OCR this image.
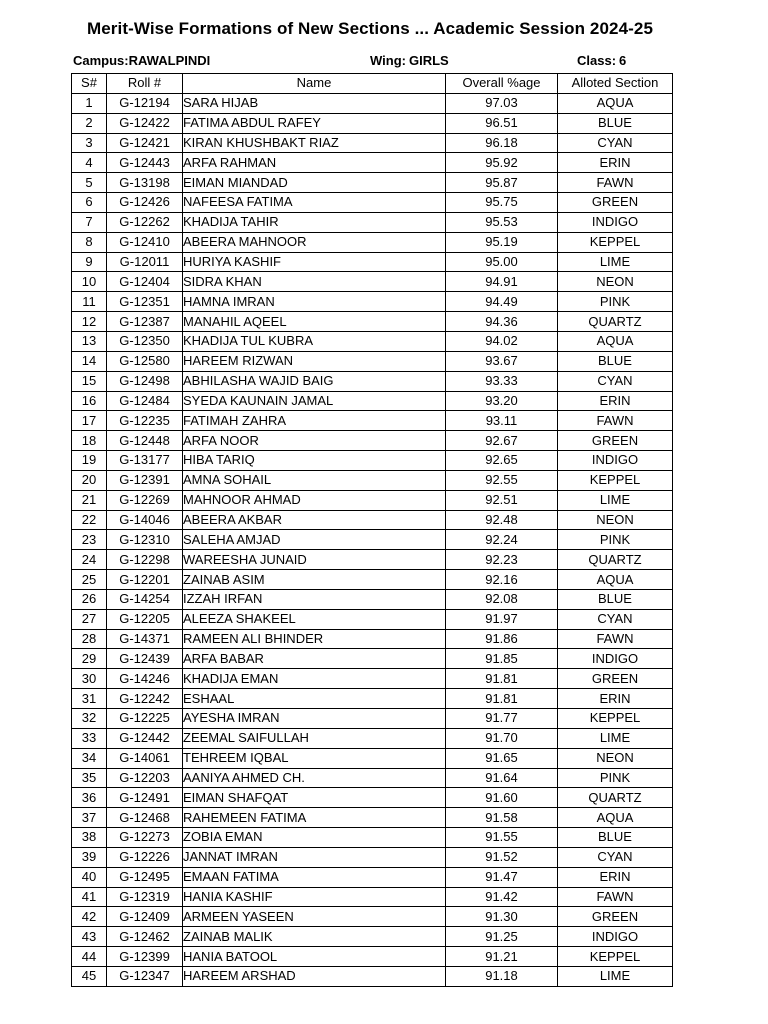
Merit-Wise Formations of New Sections ... Academic Session 2024-25
Campus:RAWALPINDI	Wing: GIRLS	Class: 6
S#	Roll #	Name	Overall %age	Alloted Section
1	G-12194	SARA HIJAB	97.03	AQUA
2	G-12422	FATIMA ABDUL RAFEY	96.51	BLUE
3	G-12421	KIRAN KHUSHBAKT RIAZ	96.18	CYAN
4	G-12443	ARFA RAHMAN	95.92	ERIN
5	G-13198	EIMAN MIANDAD	95.87	FAWN
6	G-12426	NAFEESA FATIMA	95.75	GREEN
7	G-12262	KHADIJA TAHIR	95.53	INDIGO
8	G-12410	ABEERA MAHNOOR	95.19	KEPPEL
9	G-12011	HURIYA KASHIF	95.00	LIME
10	G-12404	SIDRA KHAN	94.91	NEON
11	G-12351	HAMNA IMRAN	94.49	PINK
12	G-12387	MANAHIL AQEEL	94.36	QUARTZ
13	G-12350	KHADIJA TUL KUBRA	94.02	AQUA
14	G-12580	HAREEM RIZWAN	93.67	BLUE
15	G-12498	ABHILASHA WAJID BAIG	93.33	CYAN
16	G-12484	SYEDA KAUNAIN JAMAL	93.20	ERIN
17	G-12235	FATIMAH ZAHRA	93.11	FAWN
18	G-12448	ARFA NOOR	92.67	GREEN
19	G-13177	HIBA TARIQ	92.65	INDIGO
20	G-12391	AMNA SOHAIL	92.55	KEPPEL
21	G-12269	MAHNOOR AHMAD	92.51	LIME
22	G-14046	ABEERA AKBAR	92.48	NEON
23	G-12310	SALEHA AMJAD	92.24	PINK
24	G-12298	WAREESHA JUNAID	92.23	QUARTZ
25	G-12201	ZAINAB ASIM	92.16	AQUA
26	G-14254	IZZAH IRFAN	92.08	BLUE
27	G-12205	ALEEZA SHAKEEL	91.97	CYAN
28	G-14371	RAMEEN ALI BHINDER	91.86	FAWN
29	G-12439	ARFA BABAR	91.85	INDIGO
30	G-14246	KHADIJA EMAN	91.81	GREEN
31	G-12242	ESHAAL	91.81	ERIN
32	G-12225	AYESHA IMRAN	91.77	KEPPEL
33	G-12442	ZEEMAL SAIFULLAH	91.70	LIME
34	G-14061	TEHREEM IQBAL	91.65	NEON
35	G-12203	AANIYA AHMED CH.	91.64	PINK
36	G-12491	EIMAN SHAFQAT	91.60	QUARTZ
37	G-12468	RAHEMEEN FATIMA	91.58	AQUA
38	G-12273	ZOBIA EMAN	91.55	BLUE
39	G-12226	JANNAT IMRAN	91.52	CYAN
40	G-12495	EMAAN FATIMA	91.47	ERIN
41	G-12319	HANIA KASHIF	91.42	FAWN
42	G-12409	ARMEEN YASEEN	91.30	GREEN
43	G-12462	ZAINAB MALIK	91.25	INDIGO
44	G-12399	HANIA BATOOL	91.21	KEPPEL
45	G-12347	HAREEM ARSHAD	91.18	LIME
